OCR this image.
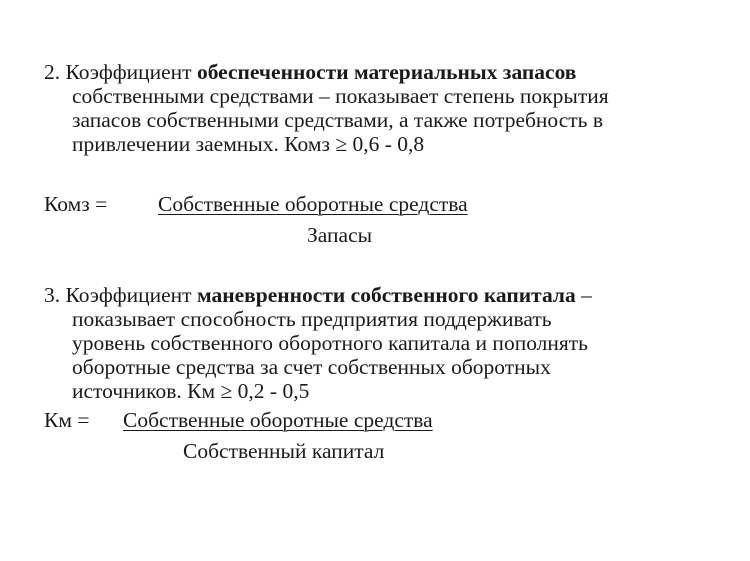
2. Коэффициент обеспеченности материальных запасов
собственными средствами – показывает степень покрытия
запасов собственными средствами, а также потребность в
привлечении заемных. Комз ≥ 0,6 - 0,8
Комз = Собственные оборотные средства
Запасы
3. Коэффициент маневренности собственного капитала –
показывает способность предприятия поддерживать
уровень собственного оборотного капитала и пополнять
оборотные средства за счет собственных оборотных
источников. Км ≥ 0,2 - 0,5
Км = Собственные оборотные средства
Собственный капитал
